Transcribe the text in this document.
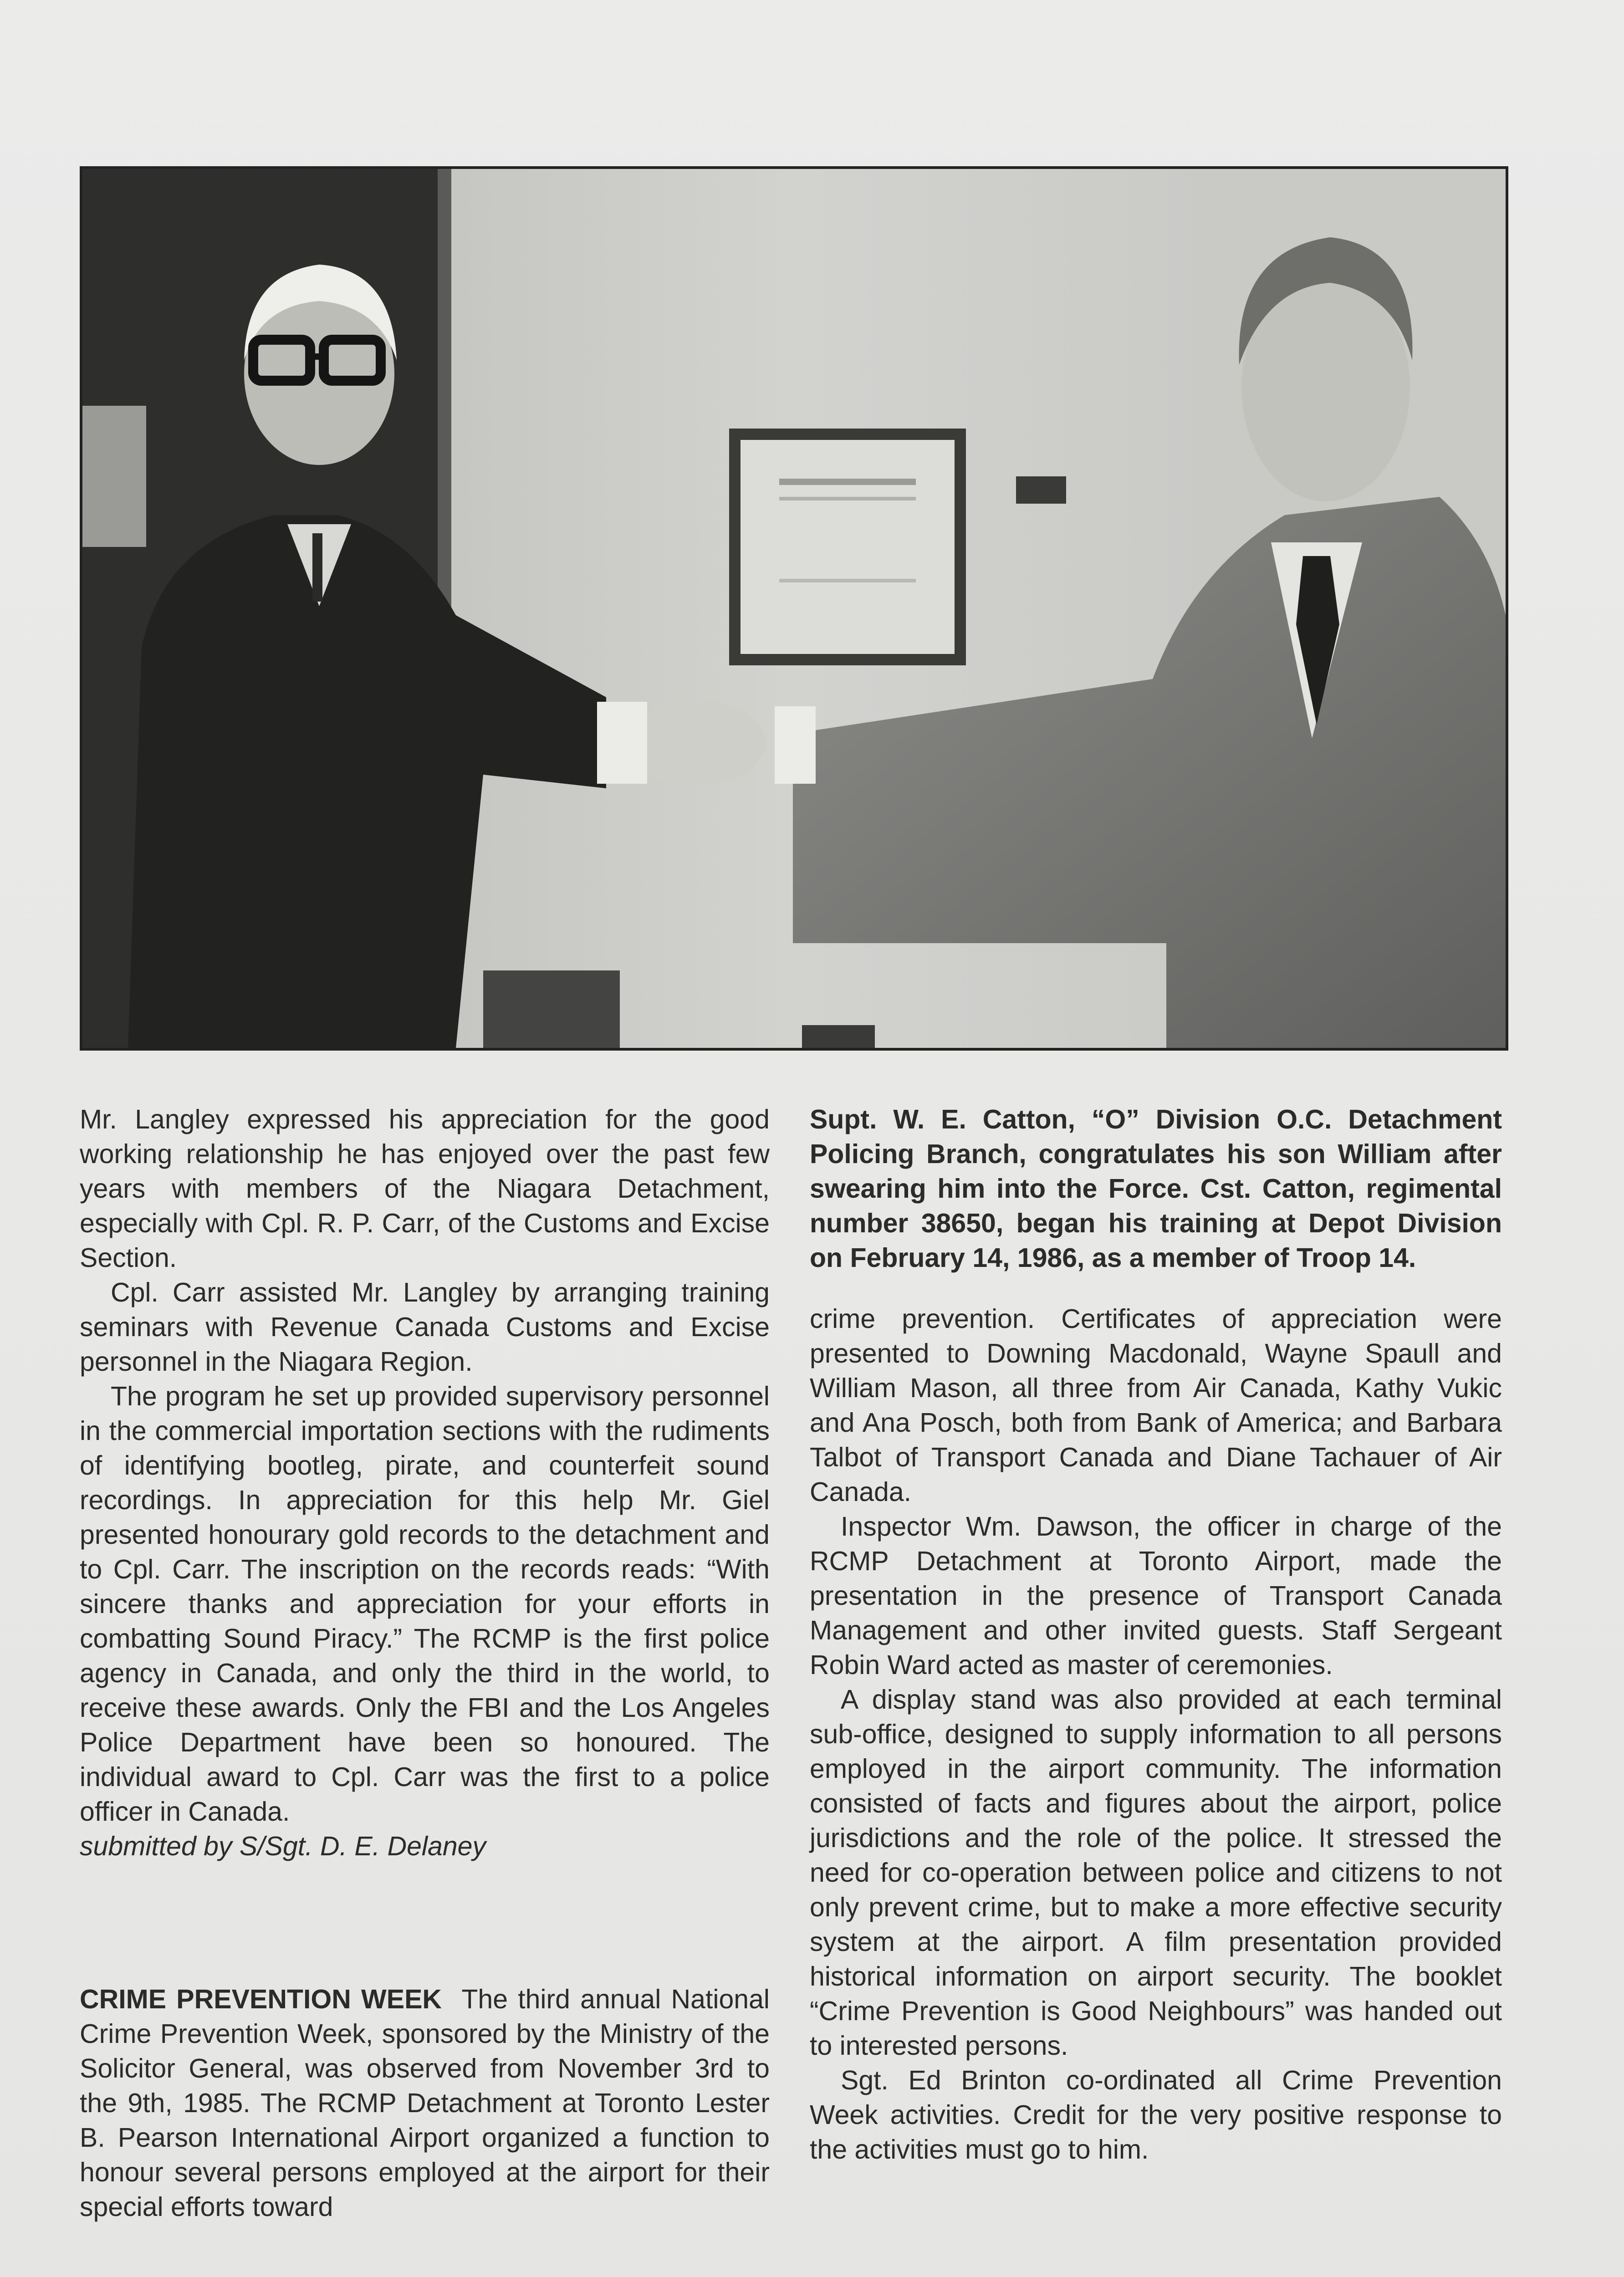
Mr. Langley expressed his appreciation for the good working relationship he has enjoyed over the past few years with members of the Niagara Detachment, especially with Cpl. R. P. Carr, of the Customs and Excise Section.

Cpl. Carr assisted Mr. Langley by arranging training seminars with Revenue Canada Customs and Excise personnel in the Niagara Region.

The program he set up provided supervisory personnel in the commercial importation sections with the rudiments of identifying bootleg, pirate, and counterfeit sound recordings. In appreciation for this help Mr. Giel presented honourary gold records to the detachment and to Cpl. Carr. The inscription on the records reads: “With sincere thanks and appreciation for your efforts in combatting Sound Piracy.” The RCMP is the first police agency in Canada, and only the third in the world, to receive these awards. Only the FBI and the Los Angeles Police Department have been so honoured. The individual award to Cpl. Carr was the first to a police officer in Canada.

submitted by S/Sgt. D. E. Delaney

CRIME PREVENTION WEEK The third annual National Crime Prevention Week, sponsored by the Ministry of the Solicitor General, was observed from November 3rd to the 9th, 1985. The RCMP Detachment at Toronto Lester B. Pearson International Airport organized a function to honour several persons employed at the airport for their special efforts toward

Supt. W. E. Catton, “O” Division O.C. Detachment Policing Branch, congratulates his son William after swearing him into the Force. Cst. Catton, regimental number 38650, began his training at Depot Division on February 14, 1986, as a member of Troop 14.

crime prevention. Certificates of appreciation were presented to Downing Macdonald, Wayne Spaull and William Mason, all three from Air Canada, Kathy Vukic and Ana Posch, both from Bank of America; and Barbara Talbot of Transport Canada and Diane Tachauer of Air Canada.

Inspector Wm. Dawson, the officer in charge of the RCMP Detachment at Toronto Airport, made the presentation in the presence of Transport Canada Management and other invited guests. Staff Sergeant Robin Ward acted as master of ceremonies.

A display stand was also provided at each terminal sub-office, designed to supply information to all persons employed in the airport community. The information consisted of facts and figures about the airport, police jurisdictions and the role of the police. It stressed the need for co-operation between police and citizens to not only prevent crime, but to make a more effective security system at the airport. A film presentation provided historical information on airport security. The booklet “Crime Prevention is Good Neighbours” was handed out to interested persons.

Sgt. Ed Brinton co-ordinated all Crime Prevention Week activities. Credit for the very positive response to the activities must go to him.
